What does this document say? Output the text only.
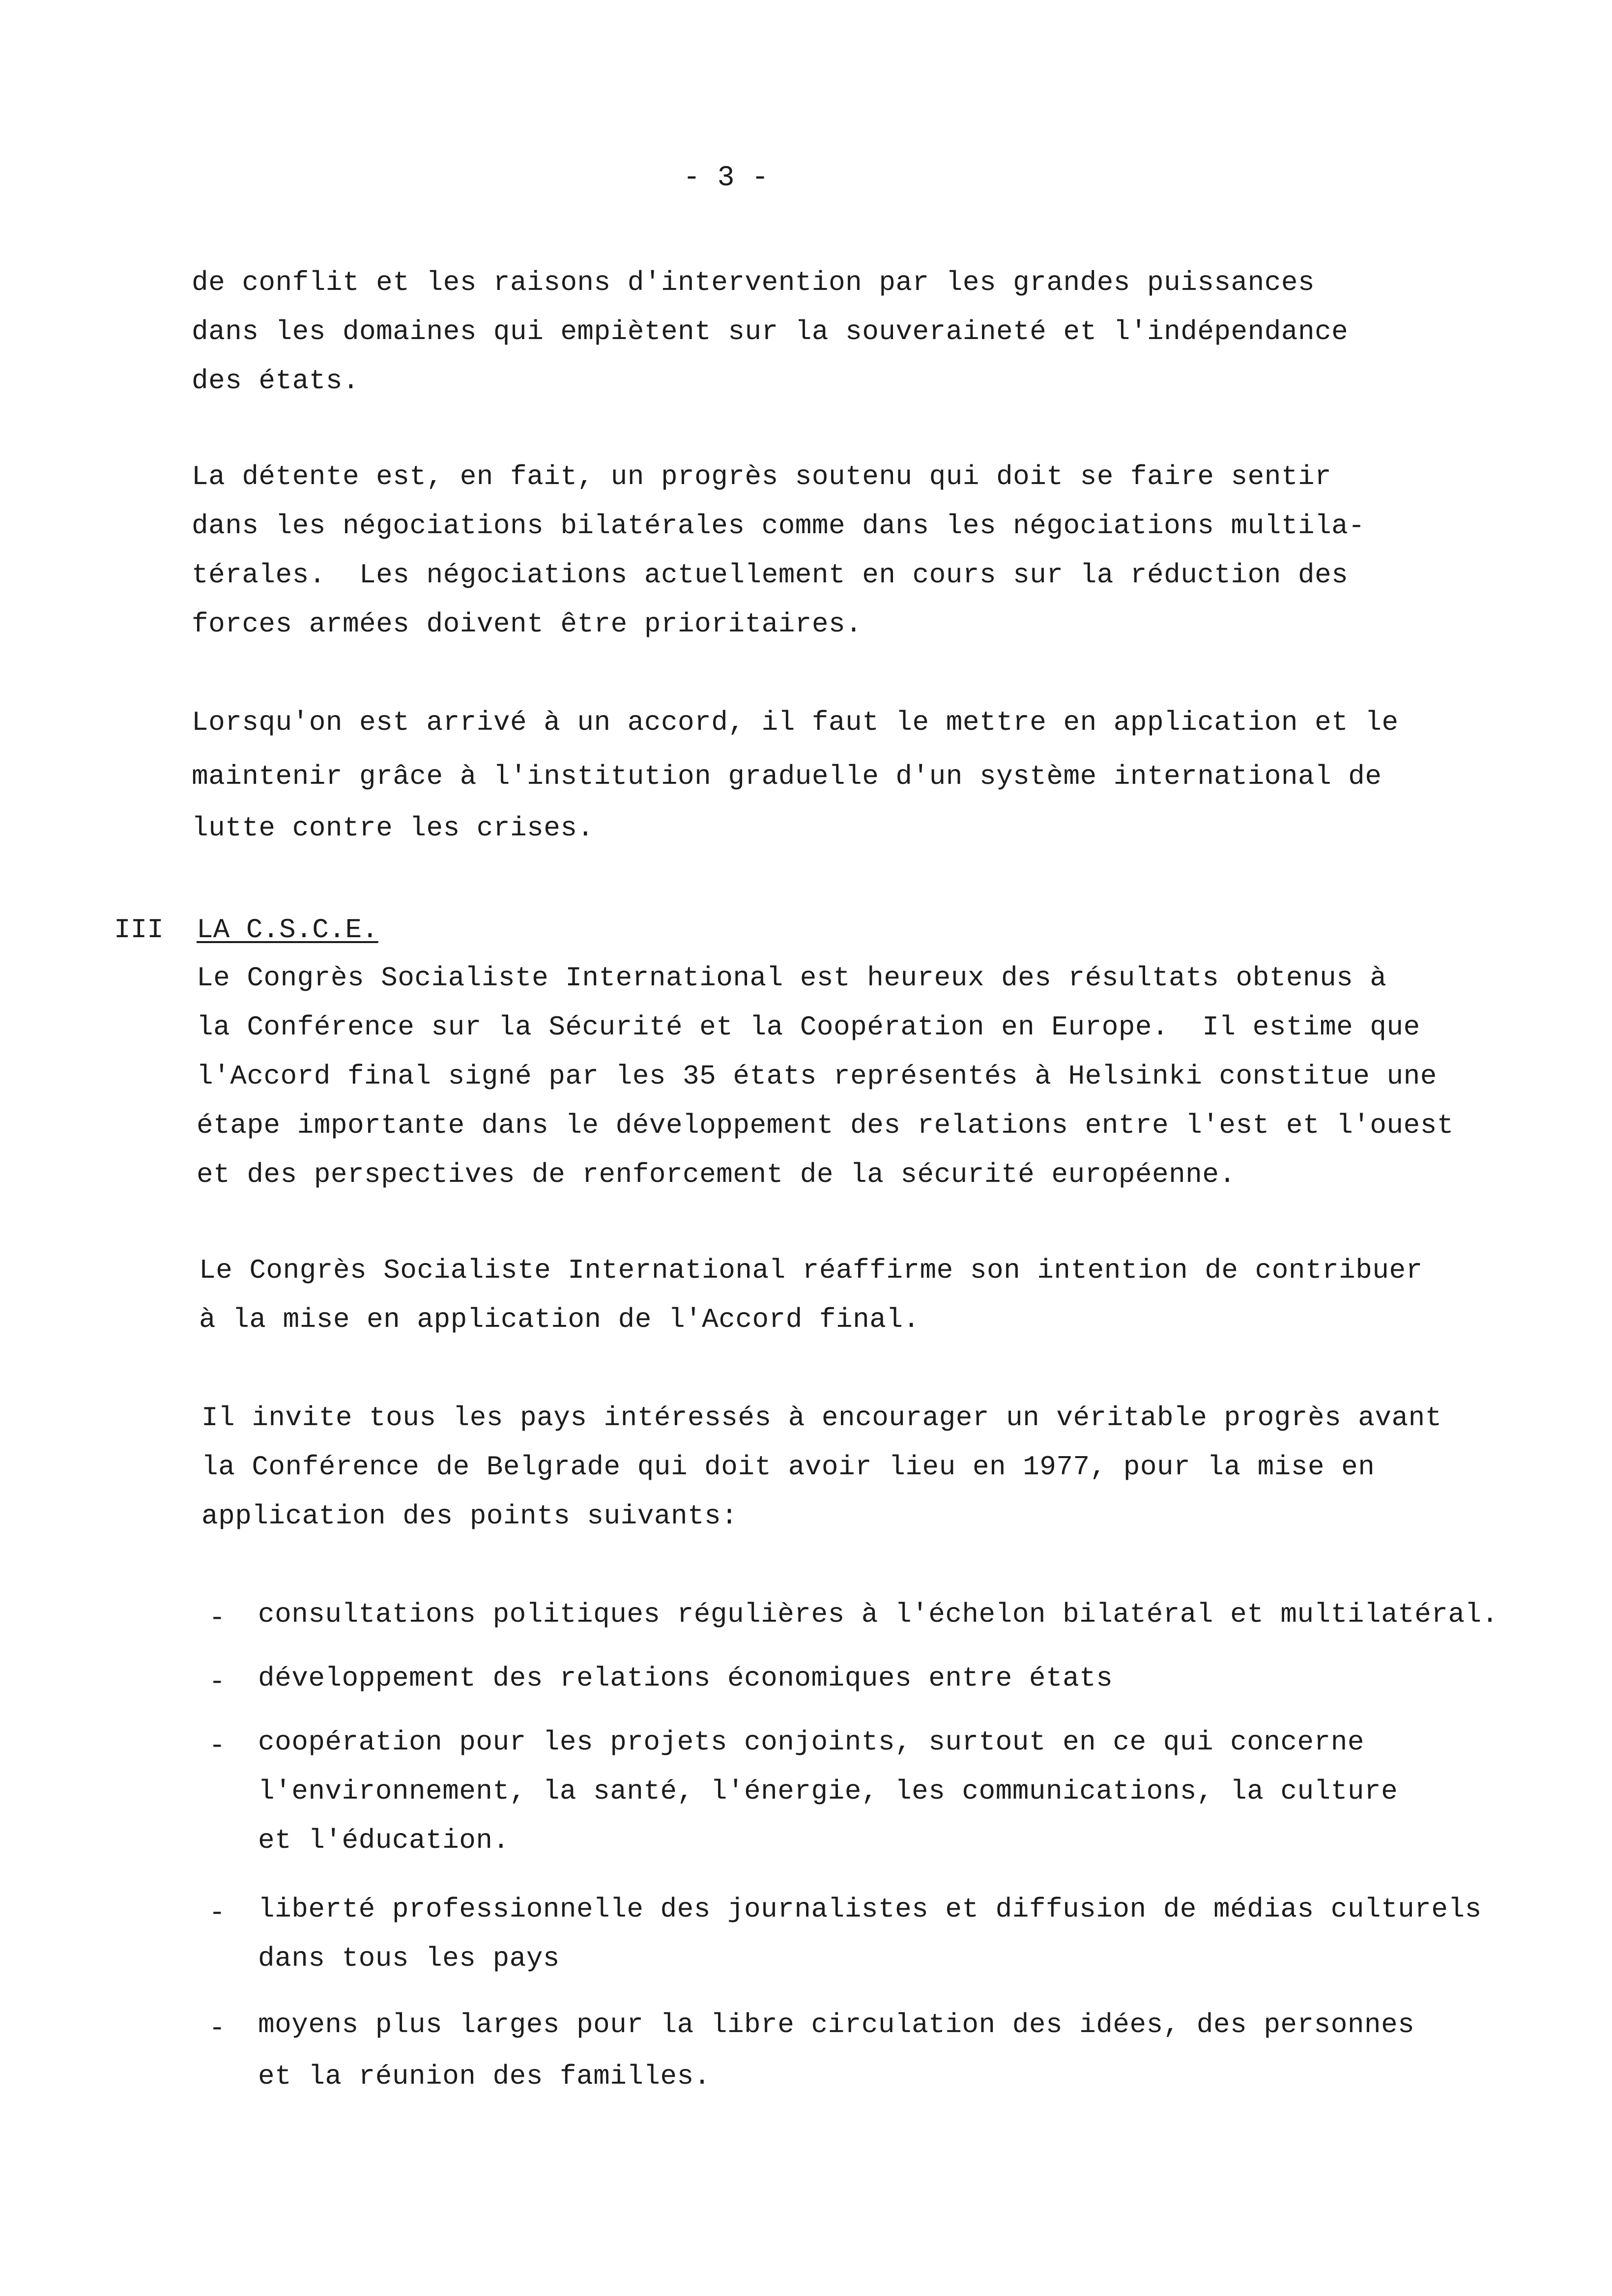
- 3 -
de conflit et les raisons d'intervention par les grandes puissances
dans les domaines qui empiètent sur la souveraineté et l'indépendance
des états.
La détente est, en fait, un progrès soutenu qui doit se faire sentir
dans les négociations bilatérales comme dans les négociations multila-
térales.  Les négociations actuellement en cours sur la réduction des
forces armées doivent être prioritaires.
Lorsqu'on est arrivé à un accord, il faut le mettre en application et le
maintenir grâce à l'institution graduelle d'un système international de
lutte contre les crises.
III LA C.S.C.E.
Le Congrès Socialiste International est heureux des résultats obtenus à
la Conférence sur la Sécurité et la Coopération en Europe.  Il estime que
l'Accord final signé par les 35 états représentés à Helsinki constitue une
étape importante dans le développement des relations entre l'est et l'ouest
et des perspectives de renforcement de la sécurité européenne.
Le Congrès Socialiste International réaffirme son intention de contribuer
à la mise en application de l'Accord final.
Il invite tous les pays intéressés à encourager un véritable progrès avant
la Conférence de Belgrade qui doit avoir lieu en 1977, pour la mise en
application des points suivants:
- consultations politiques régulières à l'échelon bilatéral et multilatéral.
- développement des relations économiques entre états
- coopération pour les projets conjoints, surtout en ce qui concerne
l'environnement, la santé, l'énergie, les communications, la culture
et l'éducation.
- liberté professionnelle des journalistes et diffusion de médias culturels
dans tous les pays
- moyens plus larges pour la libre circulation des idées, des personnes
et la réunion des familles.
